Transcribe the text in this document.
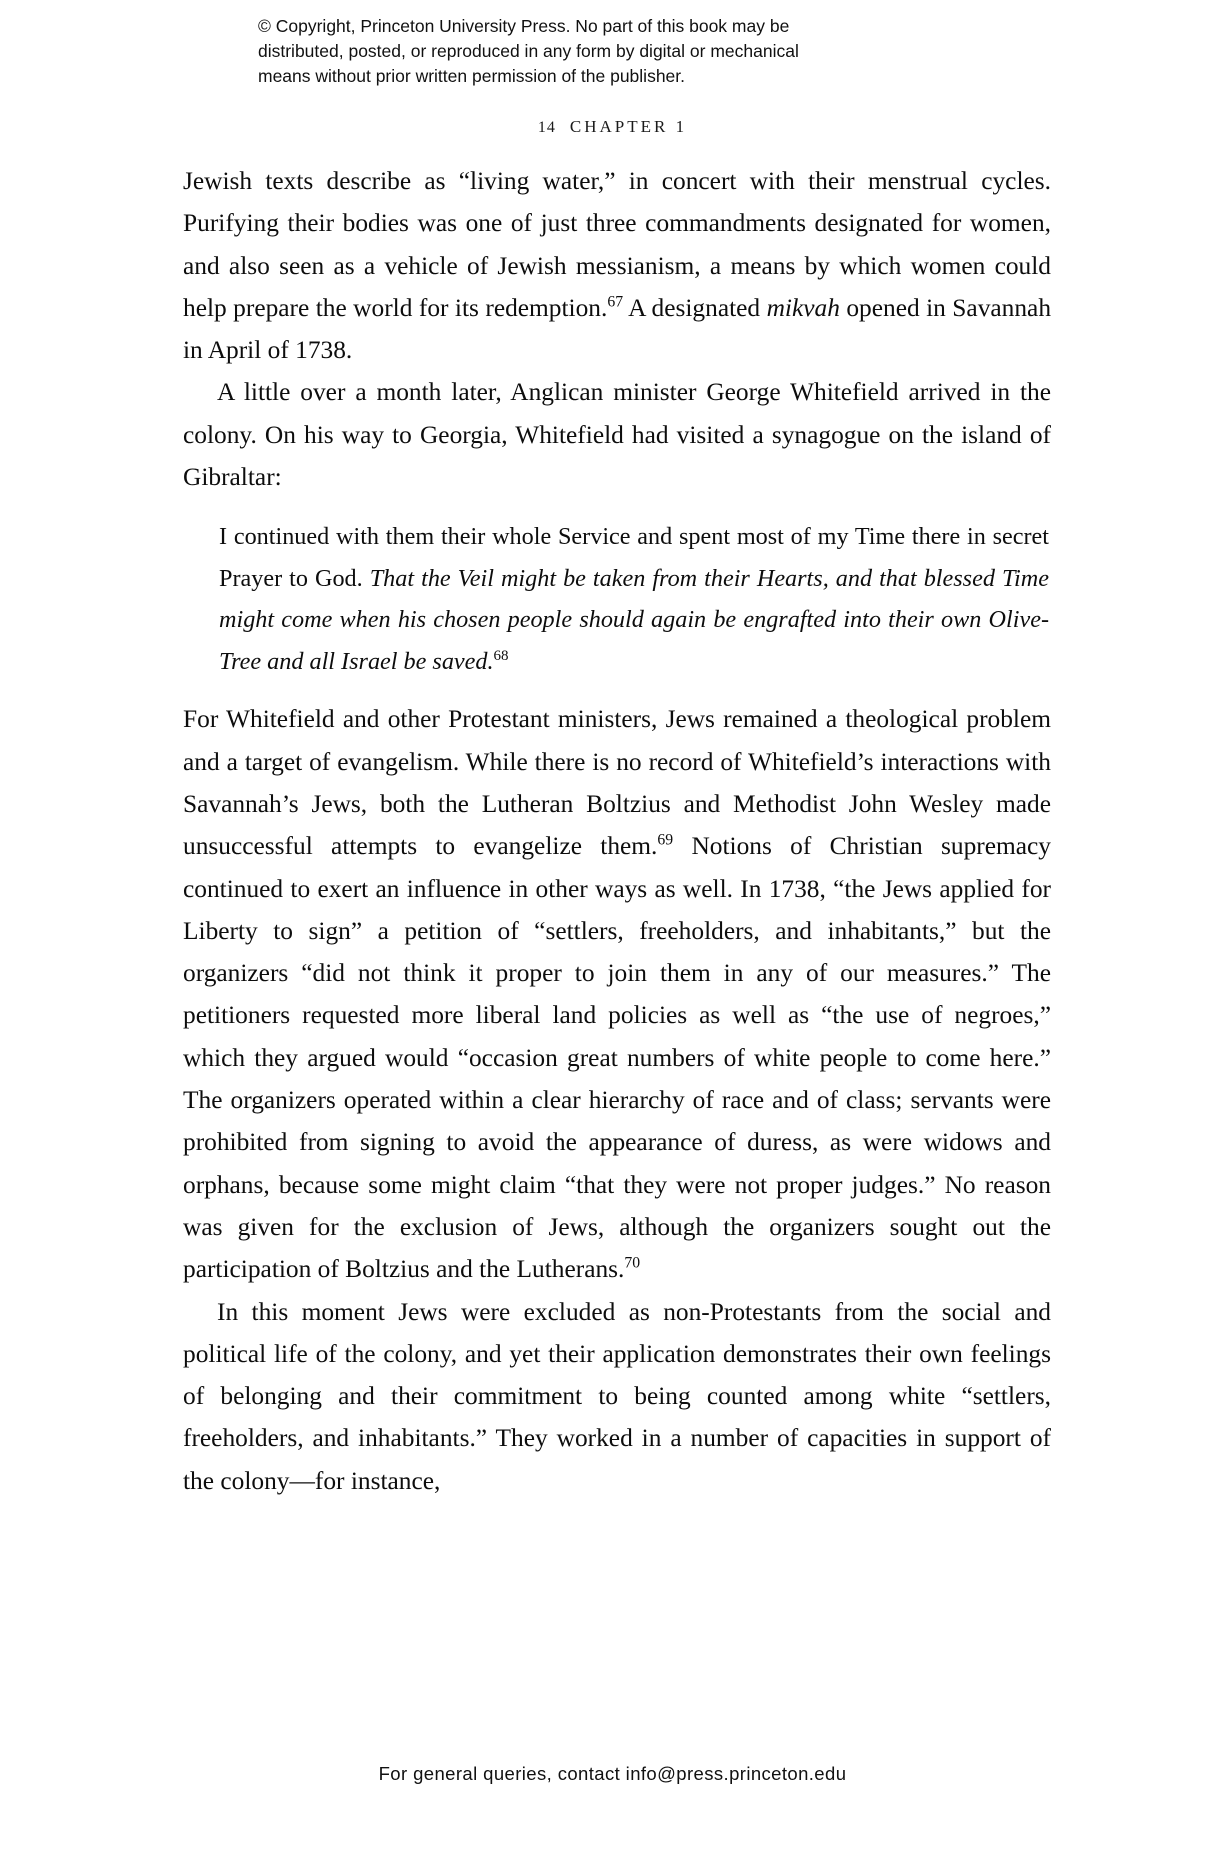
© Copyright, Princeton University Press. No part of this book may be
distributed, posted, or reproduced in any form by digital or mechanical
means without prior written permission of the publisher.
14 CHAPTER 1

Jewish texts describe as “living water,” in concert with their menstrual cycles. Purifying their bodies was one of just three commandments designated for women, and also seen as a vehicle of Jewish messianism, a means by which women could help prepare the world for its redemption.$^{67}$ A designated mikvah opened in Savannah in April of 1738.

A little over a month later, Anglican minister George Whitefield arrived in the colony. On his way to Georgia, Whitefield had visited a synagogue on the island of Gibraltar:

I continued with them their whole Service and spent most of my Time there in secret Prayer to God. That the Veil might be taken from their Hearts, and that blessed Time might come when his chosen people should again be engrafted into their own Olive-Tree and all Israel be saved.$^{68}$

For Whitefield and other Protestant ministers, Jews remained a theological problem and a target of evangelism. While there is no record of Whitefield’s interactions with Savannah’s Jews, both the Lutheran Boltzius and Methodist John Wesley made unsuccessful attempts to evangelize them.$^{69}$ Notions of Christian supremacy continued to exert an influence in other ways as well. In 1738, “the Jews applied for Liberty to sign” a petition of “settlers, freeholders, and inhabitants,” but the organizers “did not think it proper to join them in any of our measures.” The petitioners requested more liberal land policies as well as “the use of negroes,” which they argued would “occasion great numbers of white people to come here.” The organizers operated within a clear hierarchy of race and of class; servants were prohibited from signing to avoid the appearance of duress, as were widows and orphans, because some might claim “that they were not proper judges.” No reason was given for the exclusion of Jews, although the organizers sought out the participation of Boltzius and the Lutherans.$^{70}$

In this moment Jews were excluded as non-Protestants from the social and political life of the colony, and yet their application demonstrates their own feelings of belonging and their commitment to being counted among white “settlers, freeholders, and inhabitants.” They worked in a number of capacities in support of the colony—for instance,

For general queries, contact info@press.princeton.edu
